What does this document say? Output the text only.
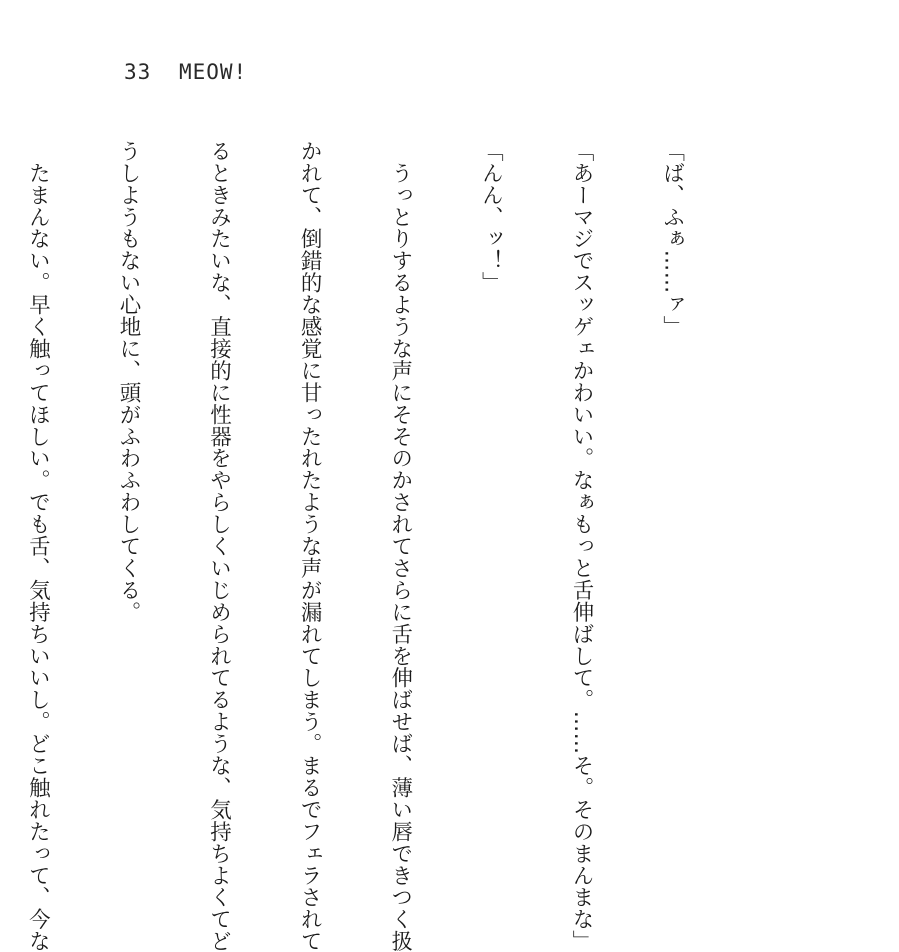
33 MEOW!

「ば、ふぁ……ァ」

「あーマジでスッゲェかわいい。なぁもっと舌伸ばして。……そ。そのまんまな」

「んん、ッ！」

　うっとりするような声にそそのかされてさらに舌を伸ばせば、薄い唇できつく扱

かれて、倒錯的な感覚に甘ったれたような声が漏れてしまう。まるでフェラされて

るときみたいな、直接的に性器をやらしくいじめられてるような、気持ちよくてど

うしようもない心地に、頭がふわふわしてくる。

　たまんない。早く触ってほしい。でも舌、気持ちいいし。どこ触れたって、今な
